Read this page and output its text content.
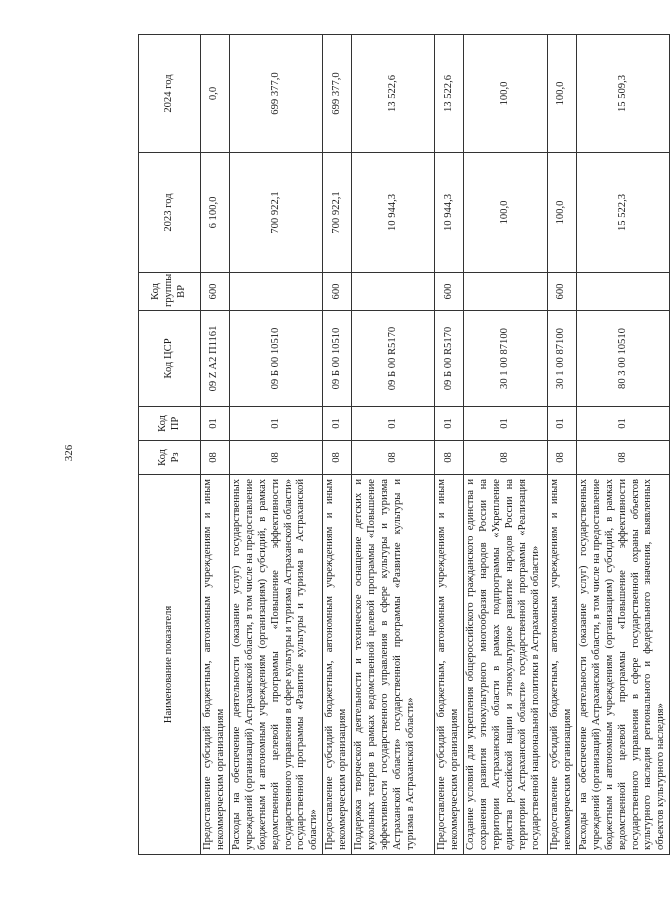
326
Наименование показателя	Код Рз	Код ПР	Код ЦСР	Код группы ВР	2023 год	2024 год
Предоставление субсидий бюджетным, автономным учреждениям и иным некоммерческим организациям	08	01	09 Z A2 П1161	600	6 100,0	0,0
Расходы на обеспечение деятельности (оказание услуг) государственных учреждений (организаций) Астраханской области, в том числе на предоставление бюджетным и автономным учреждениям (организациям) субсидий, в рамках ведомственной целевой программы «Повышение эффективности государственного управления в сфере культуры и туризма Астраханской области» государственной программы «Развитие культуры и туризма в Астраханской области»	08	01	09 Б 00 10510		700 922,1	699 377,0
Предоставление субсидий бюджетным, автономным учреждениям и иным некоммерческим организациям	08	01	09 Б 00 10510	600	700 922,1	699 377,0
Поддержка творческой деятельности и техническое оснащение детских и кукольных театров в рамках ведомственной целевой программы «Повышение эффективности государственного управления в сфере культуры и туризма Астраханской области» государственной программы «Развитие культуры и туризма в Астраханской области»	08	01	09 Б 00 R5170		10 944,3	13 522,6
Предоставление субсидий бюджетным, автономным учреждениям и иным некоммерческим организациям	08	01	09 Б 00 R5170	600	10 944,3	13 522,6
Создание условий для укрепления общероссийского гражданского единства и сохранения развития этнокультурного многообразия народов России на территории Астраханской области в рамках подпрограммы «Укрепление единства российской нации и этнокультурное развитие народов России на территории Астраханской области» государственной программы «Реализация государственной национальной политики в Астраханской области»	08	01	30 1 00 87100		100,0	100,0
Предоставление субсидий бюджетным, автономным учреждениям и иным некоммерческим организациям	08	01	30 1 00 87100	600	100,0	100,0
Расходы на обеспечение деятельности (оказание услуг) государственных учреждений (организаций) Астраханской области, в том числе на предоставление бюджетным и автономным учреждениям (организациям) субсидий, в рамках ведомственной целевой программы «Повышение эффективности государственного управления в сфере государственной охраны объектов культурного наследия регионального и федерального значения, выявленных объектов культурного наследия»	08	01	80 3 00 10510		15 522,3	15 509,3
